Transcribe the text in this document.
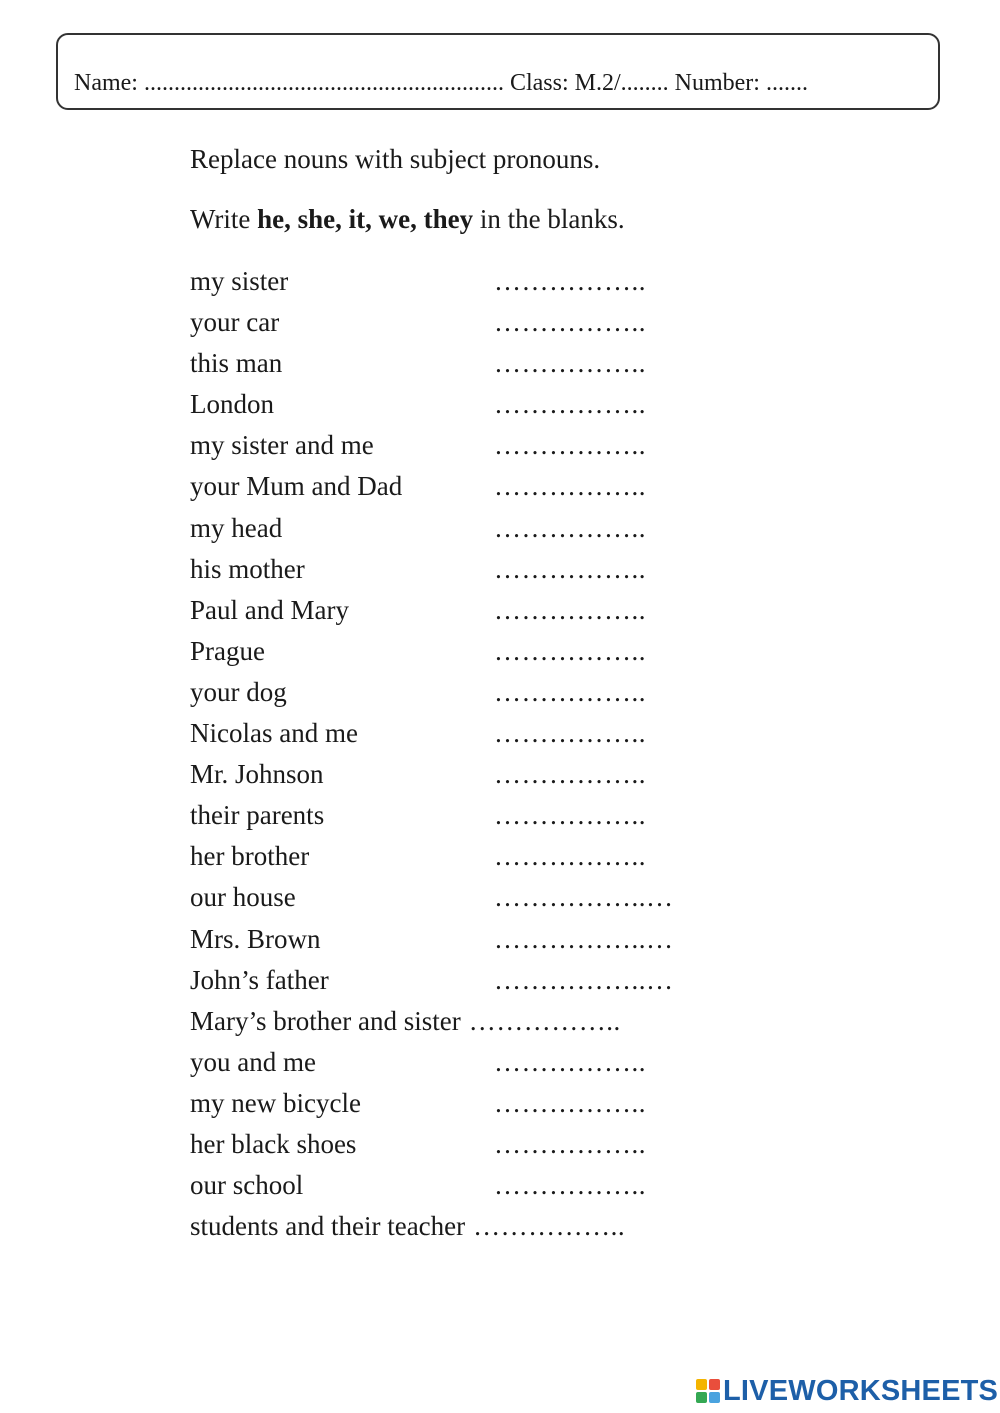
Name: ............................................................ Class: M.2/........ Number: .......
Replace nouns with subject pronouns.
Write he, she, it, we, they in the blanks.
my sister	……………..
your car	……………..
this man	……………..
London	……………..
my sister and me	……………..
your Mum and Dad	……………..
my head	……………..
his mother	……………..
Paul and Mary	……………..
Prague	……………..
your dog	……………..
Nicolas and me	……………..
Mr. Johnson	……………..
their parents	……………..
her brother	……………..
our house	……………..…
Mrs. Brown	……………..…
John’s father	……………..…
Mary’s brother and sister ……………..
you and me	……………..
my new bicycle	……………..
her black shoes	……………..
our school	……………..
students and their teacher ……………..
LIVEWORKSHEETS
